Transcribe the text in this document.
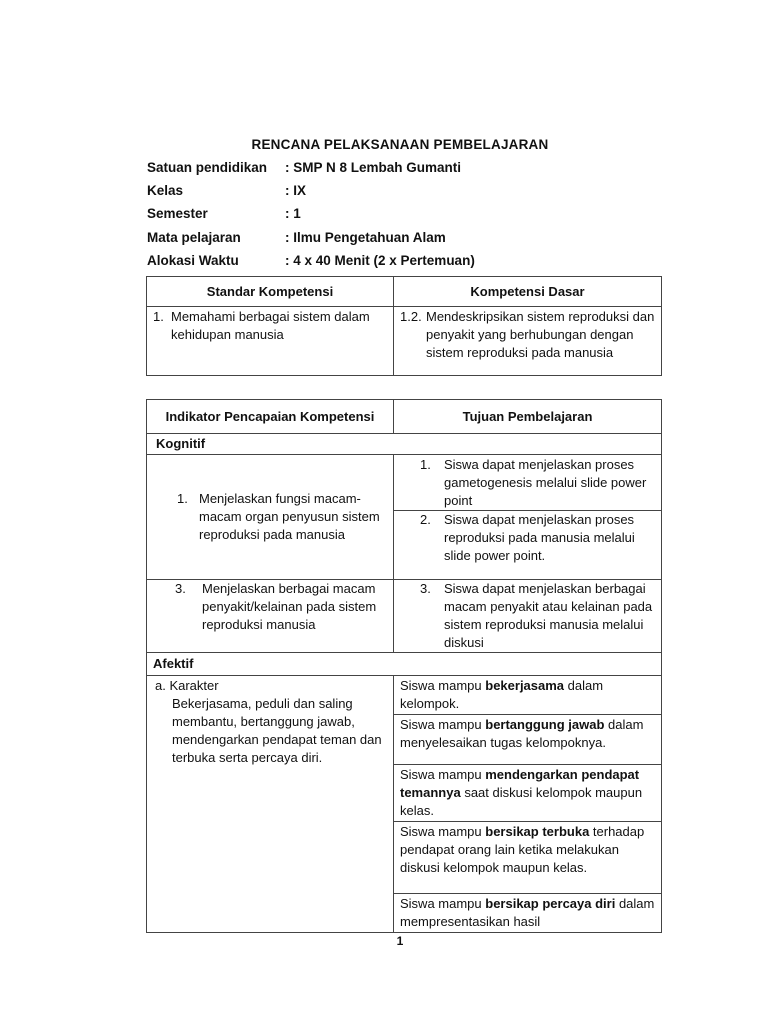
RENCANA PELAKSANAAN PEMBELAJARAN
Satuan pendidikan : SMP N 8 Lembah Gumanti
Kelas	: IX
Semester	: 1
Mata pelajaran	: Ilmu Pengetahuan Alam
Alokasi Waktu	: 4 x 40 Menit (2 x Pertemuan)
Standar Kompetensi	Kompetensi Dasar

1. Memahami berbagai sistem dalam kehidupan manusia	1.2. Mendeskripsikan sistem reproduksi dan penyakit yang berhubungan dengan sistem reproduksi pada manusia
Indikator Pencapaian Kompetensi	Tujuan Pembelajaran
Kognitif	

1. Menjelaskan fungsi macam-macam organ penyusun sistem reproduksi pada manusia	1. Siswa dapat menjelaskan proses gametogenesis melalui slide power point

	2. Siswa dapat menjelaskan proses reproduksi pada manusia melalui slide power point.

3. Menjelaskan berbagai macam penyakit/kelainan pada sistem reproduksi manusia	3. Siswa dapat menjelaskan berbagai macam penyakit atau kelainan pada sistem reproduksi manusia melalui diskusi

Afektif	

a. Karakter
Bekerjasama, peduli dan saling membantu, bertanggung jawab, mendengarkan pendapat teman dan terbuka serta percaya diri.	Siswa mampu bekerjasama dalam kelompok.
	Siswa mampu bertanggung jawab dalam menyelesaikan tugas kelompoknya.
	Siswa mampu mendengarkan pendapat temannya saat diskusi kelompok maupun kelas.
	Siswa mampu bersikap terbuka terhadap pendapat orang lain ketika melakukan diskusi kelompok maupun kelas.
	Siswa mampu bersikap percaya diri dalam mempresentasikan hasil
1
